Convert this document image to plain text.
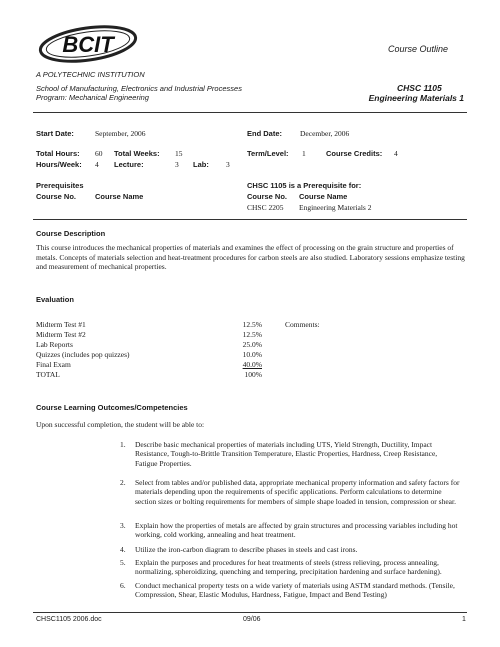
BCIT
A POLYTECHNIC INSTITUTION
Course Outline
School of Manufacturing, Electronics and Industrial Processes
Program: Mechanical Engineering
CHSC 1105
Engineering Materials 1
Start Date:	September, 2006	End Date: December, 2006
Total Hours: 60 Total Weeks: 15	Term/Level: 1	Course Credits: 4
Hours/Week: 4 Lecture:	3 Lab: 3
Prerequisites
Course No.	Course Name
CHSC 1105 is a Prerequisite for:
Course No. Course Name
CHSC 2205 Engineering Materials 2
Course Description
This course introduces the mechanical properties of materials and examines the effect of processing on the grain structure and properties of metals. Concepts of materials selection and heat-treatment procedures for carbon steels are also studied. Laboratory sessions emphasize testing and measurement of mechanical properties.
Evaluation
Comments:
Midterm Test #1	12.5%
Midterm Test #2	12.5%
Lab Reports	25.0%
Quizzes (includes pop quizzes)	10.0%
Final Exam	40.0%
TOTAL	100%
Course Learning Outcomes/Competencies
Upon successful completion, the student will be able to:
1. Describe basic mechanical properties of materials including UTS, Yield Strength, Ductility, Impact Resistance, Tough-to-Brittle Transition Temperature, Elastic Properties, Hardness, Creep Resistance, Fatigue Properties.
2. Select from tables and/or published data, appropriate mechanical property information and safety factors for materials depending upon the requirements of specific applications. Perform calculations to determine section sizes or bolting requirements for members of simple shape loaded in tension, compression or shear.
3. Explain how the properties of metals are affected by grain structures and processing variables including hot working, cold working, annealing and heat treatment.
4. Utilize the iron-carbon diagram to describe phases in steels and cast irons.
5. Explain the purposes and procedures for heat treatments of steels (stress relieving, process annealing, normalizing, spheroidizing, quenching and tempering, precipitation hardening and surface hardening).
6. Conduct mechanical property tests on a wide variety of materials using ASTM standard methods. (Tensile, Compression, Shear, Elastic Modulus, Hardness, Fatigue, Impact and Bend Testing)
CHSC1105 2006.doc	09/06	1
